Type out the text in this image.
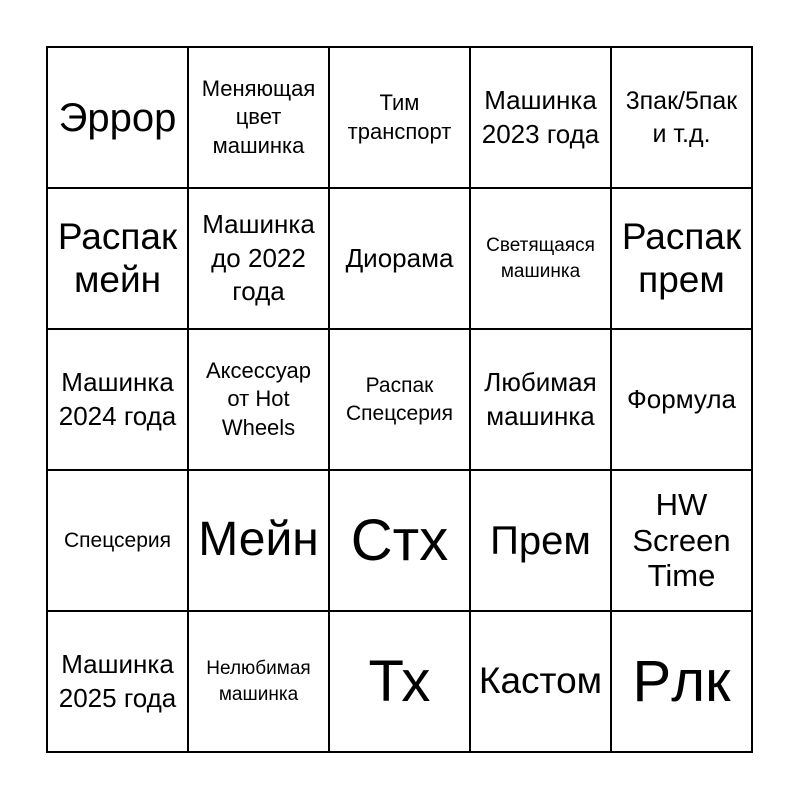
Эррор
Меняющая цвет машинка
Тим транспорт
Машинка 2023 года
3пак/5пак и т.д.
Распак мейн
Машинка до 2022 года
Диорама	Светящаяся машинка
Распак прем
Машинка 2024 года
Аксессуар от Hot Wheels
Распак Спецсерия
Любимая машинка
Формула
Спецсерия Мейн Стх Прем
HW Screen Time
Машинка 2025 года
Нелюбимая машинка	Тх Кастом Рлк
